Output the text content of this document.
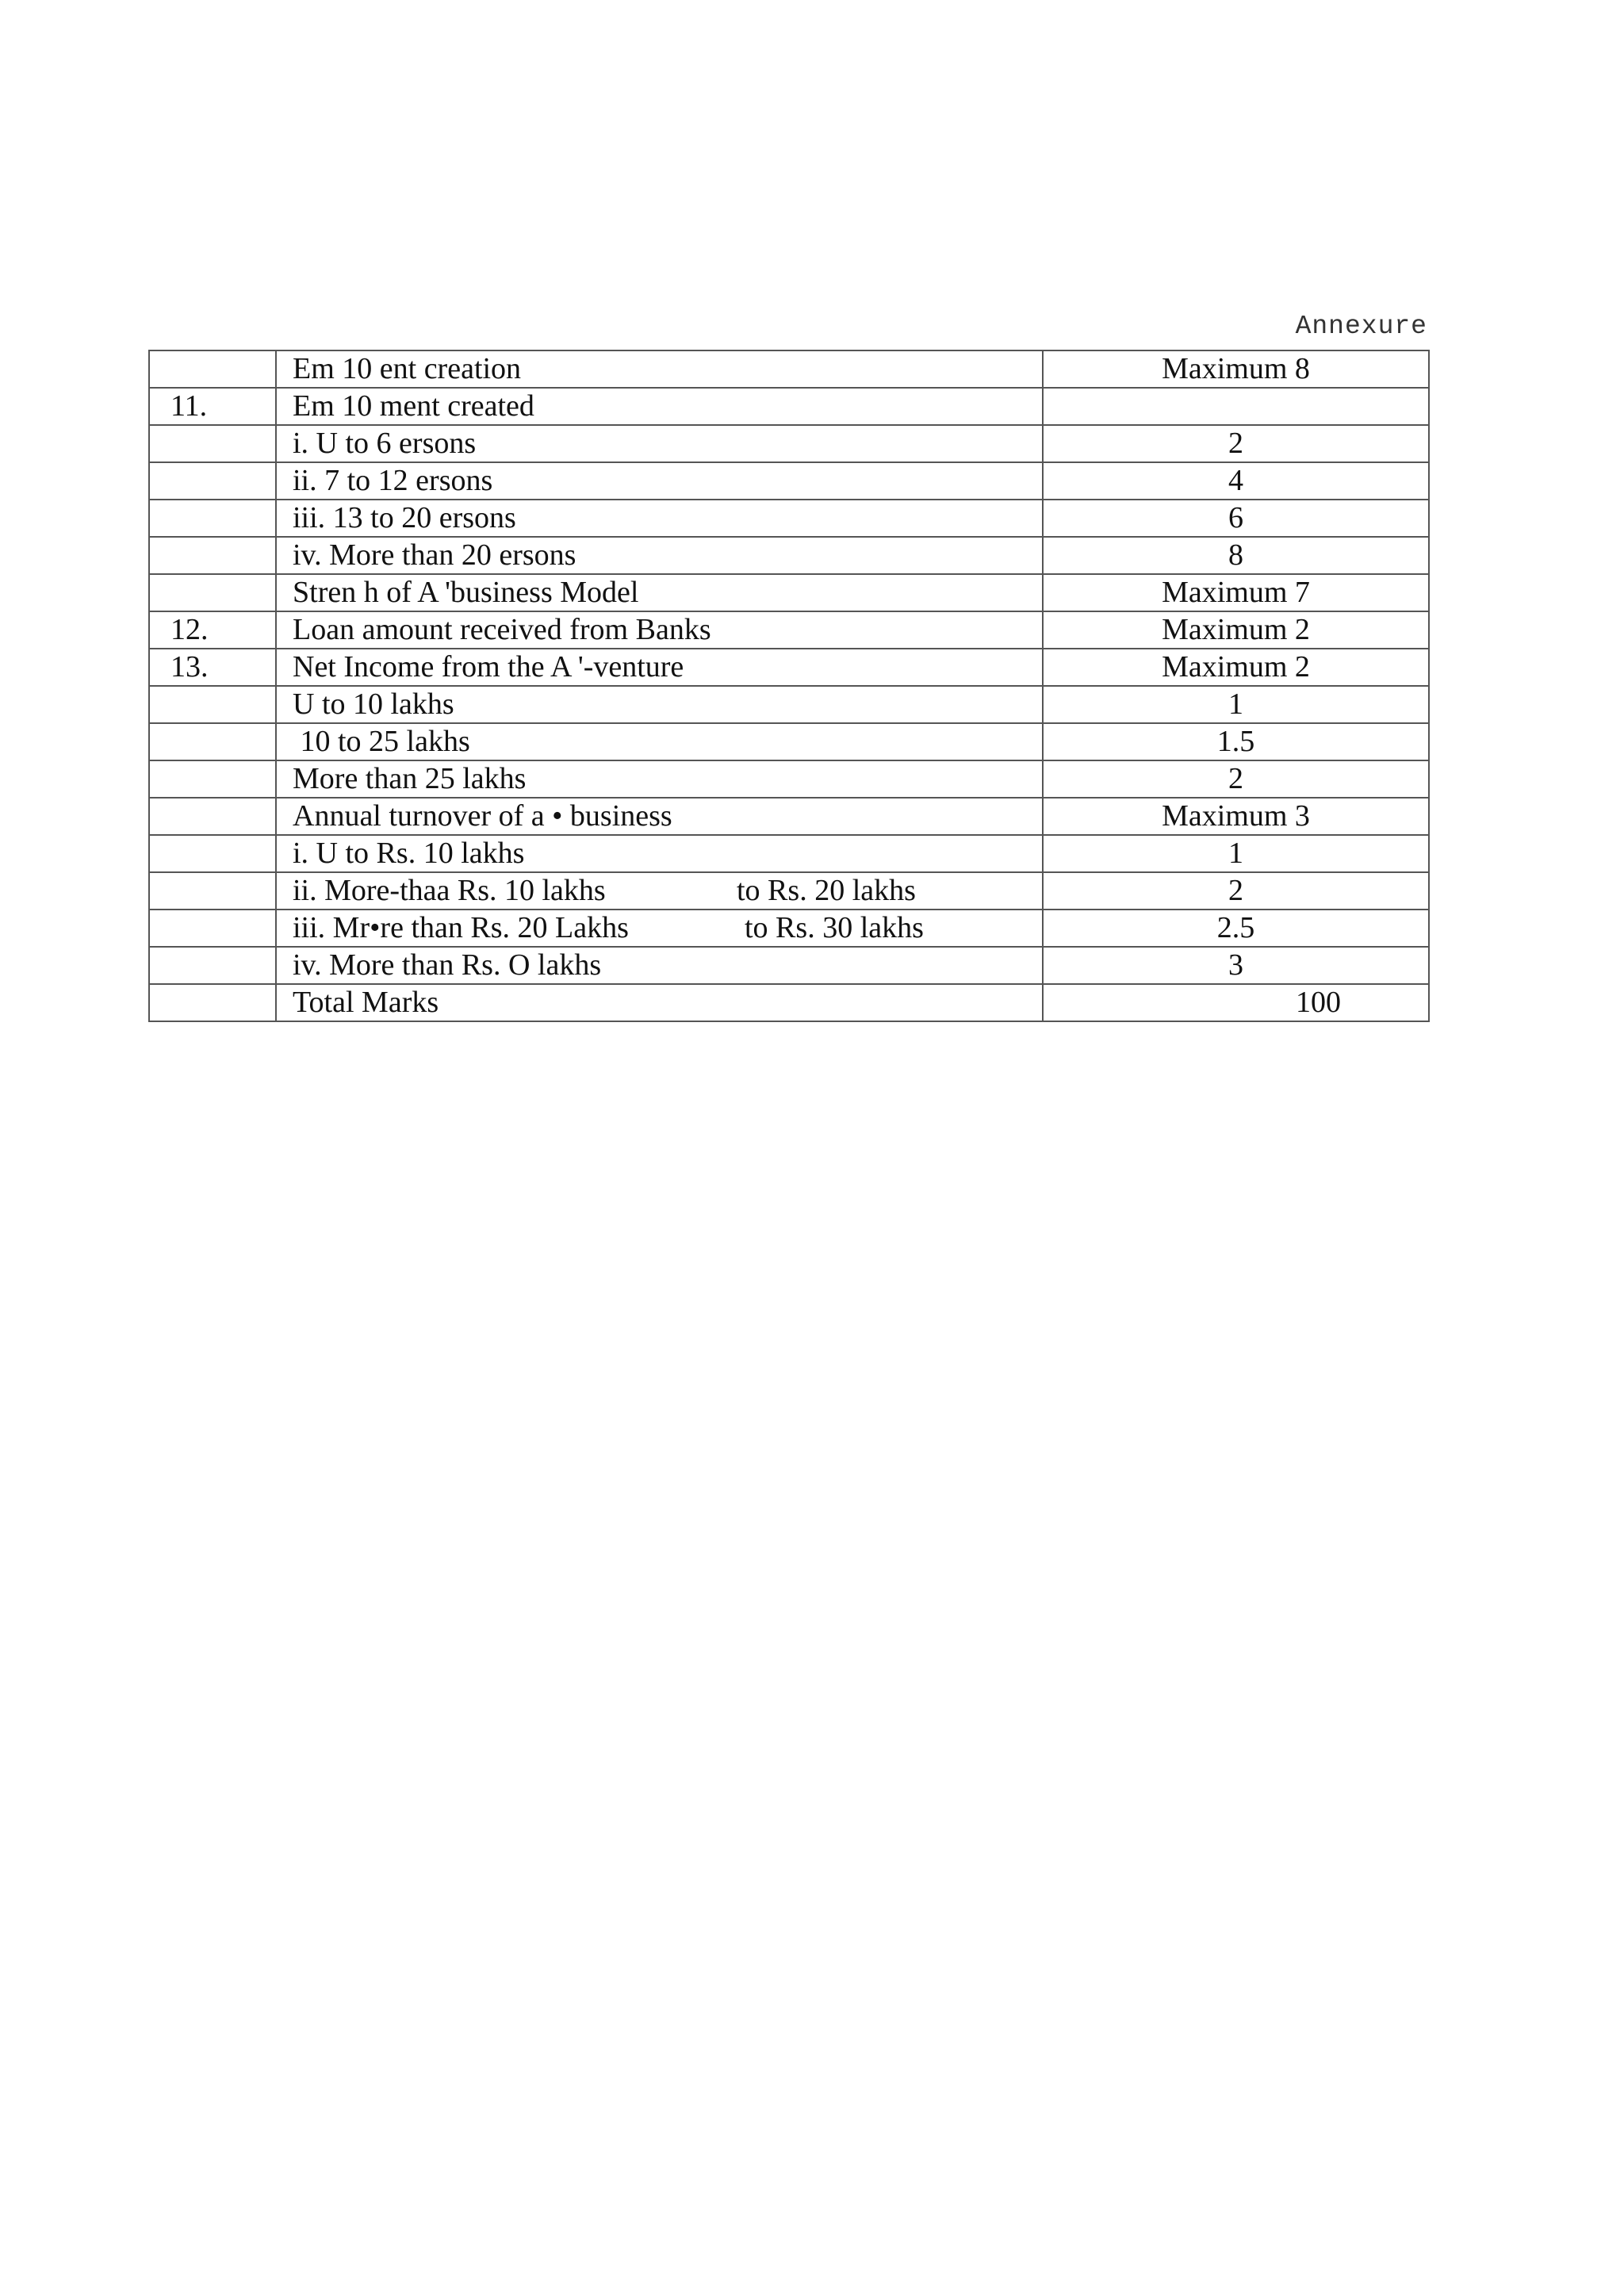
Annexure
	Em 10 ent creation	Maximum 8
11.	Em 10 ment created	
	i. U to 6 ersons	2
	ii. 7 to 12 ersons	4
	iii. 13 to 20 ersons	6
	iv. More than 20 ersons	8
	Stren h of A 'business Model	Maximum 7
12.	Loan amount received from Banks	Maximum 2
13.	Net Income from the A '-venture	Maximum 2
	U to 10 lakhs	1
	10 to 25 lakhs	1.5
	More than 25 lakhs	2
	Annual turnover of a • business	Maximum 3
	i. U to Rs. 10 lakhs	1
	ii. More-thaa Rs. 10 lakhs to Rs. 20 lakhs	2
	iii. Mr•re than Rs. 20 Lakhs to Rs. 30 lakhs	2.5
	iv. More than Rs. O lakhs	3
	Total Marks	100
